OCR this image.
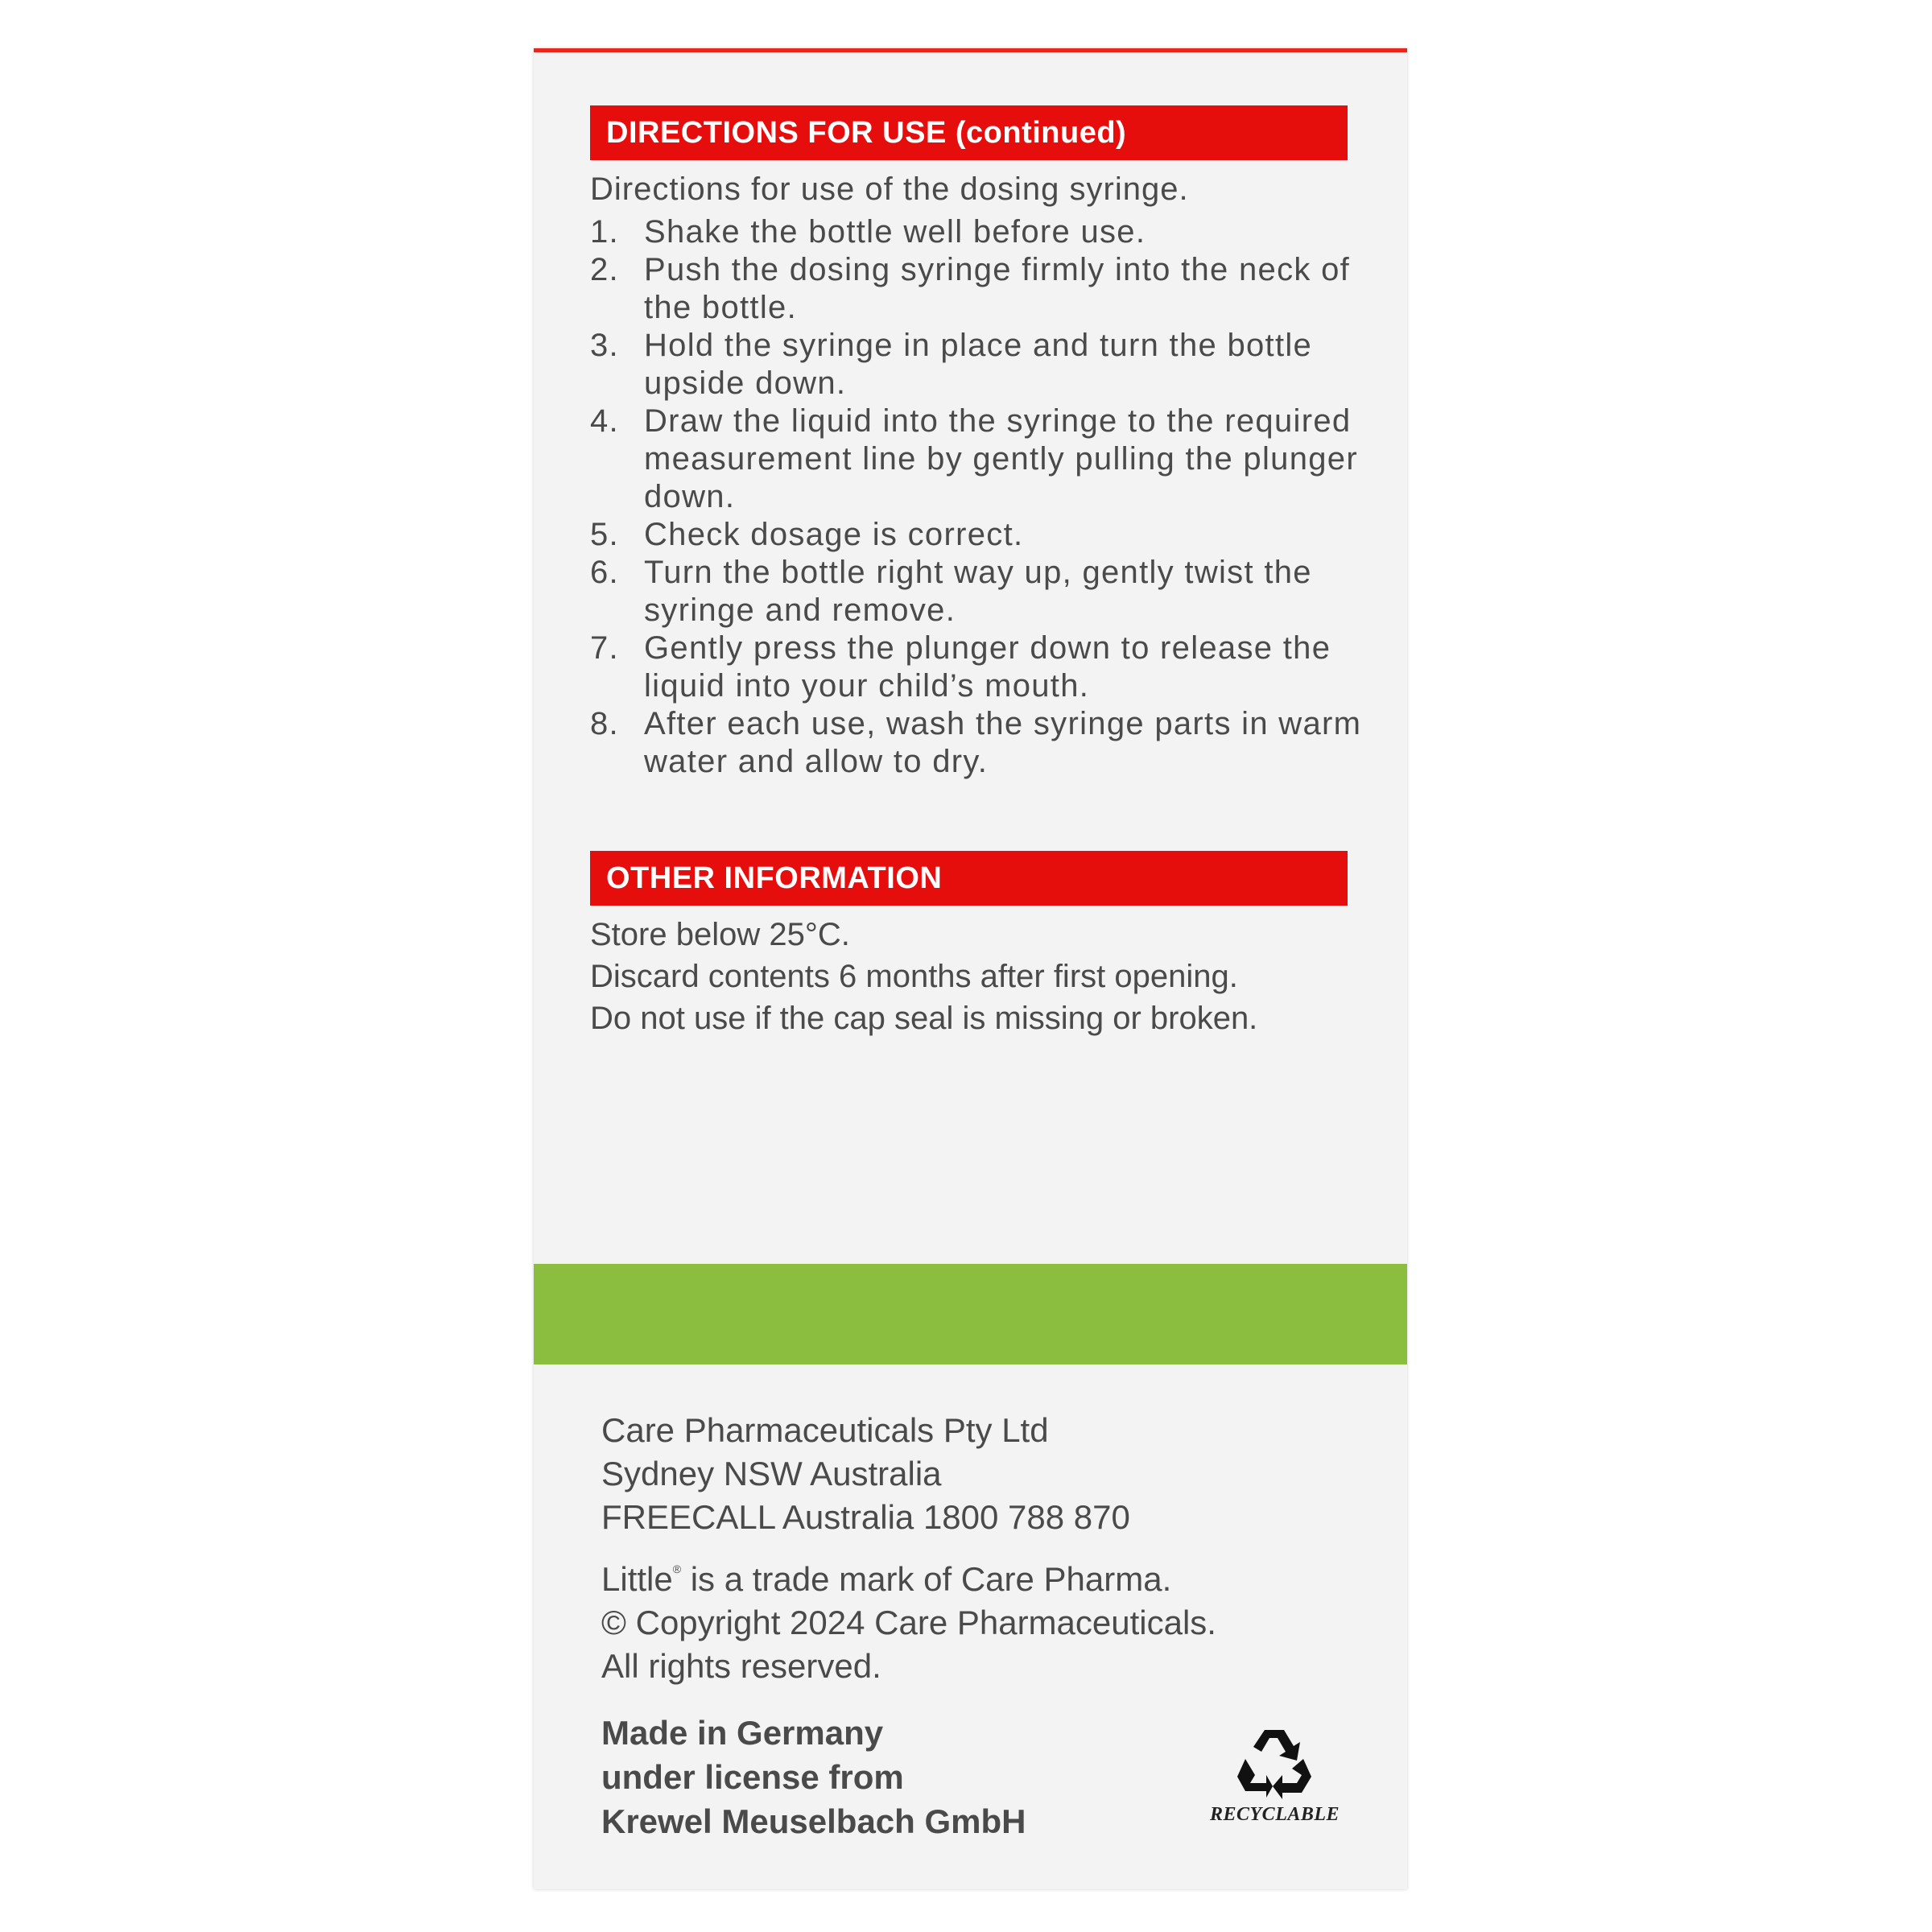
DIRECTIONS FOR USE (continued)
Directions for use of the dosing syringe.
1. Shake the bottle well before use.
2. Push the dosing syringe firmly into the neck of the bottle.
3. Hold the syringe in place and turn the bottle upside down.
4. Draw the liquid into the syringe to the required measurement line by gently pulling the plunger down.
5. Check dosage is correct.
6. Turn the bottle right way up, gently twist the syringe and remove.
7. Gently press the plunger down to release the liquid into your child’s mouth.
8. After each use, wash the syringe parts in warm water and allow to dry.
OTHER INFORMATION
Store below 25°C.
Discard contents 6 months after first opening.
Do not use if the cap seal is missing or broken.
Care Pharmaceuticals Pty Ltd
Sydney NSW Australia
FREECALL Australia 1800 788 870
Little® is a trade mark of Care Pharma.
© Copyright 2024 Care Pharmaceuticals.
All rights reserved.
Made in Germany
under license from
Krewel Meuselbach GmbH	RECYCLABLE
